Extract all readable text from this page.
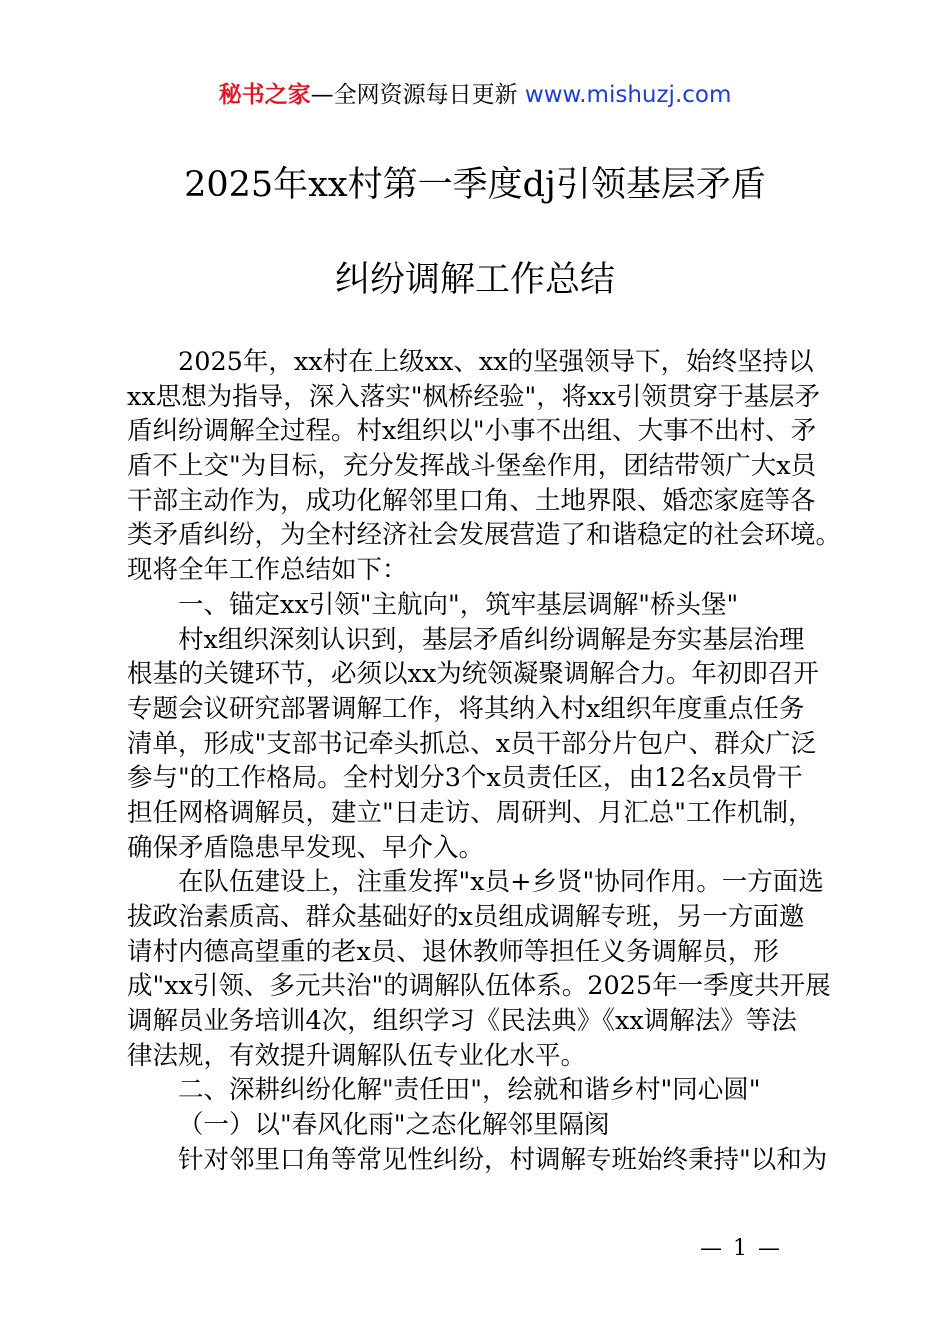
秘书之家—全网资源每日更新 www.mishuzj.com
2025年xx村第一季度dj引领基层矛盾
纠纷调解工作总结
2025年，xx村在上级xx、xx的坚强领导下，始终坚持以
xx思想为指导，深入落实"枫桥经验"，将xx引领贯穿于基层矛
盾纠纷调解全过程。村x组织以"小事不出组、大事不出村、矛
盾不上交"为目标，充分发挥战斗堡垒作用，团结带领广大x员
干部主动作为，成功化解邻里口角、土地界限、婚恋家庭等各
类矛盾纠纷，为全村经济社会发展营造了和谐稳定的社会环境。
现将全年工作总结如下：
一、锚定xx引领"主航向"，筑牢基层调解"桥头堡"
村x组织深刻认识到，基层矛盾纠纷调解是夯实基层治理
根基的关键环节，必须以xx为统领凝聚调解合力。年初即召开
专题会议研究部署调解工作，将其纳入村x组织年度重点任务
清单，形成"支部书记牵头抓总、x员干部分片包户、群众广泛
参与"的工作格局。全村划分3个x员责任区，由12名x员骨干
担任网格调解员，建立"日走访、周研判、月汇总"工作机制，
确保矛盾隐患早发现、早介入。
在队伍建设上，注重发挥"x员+乡贤"协同作用。一方面选
拔政治素质高、群众基础好的x员组成调解专班，另一方面邀
请村内德高望重的老x员、退休教师等担任义务调解员，形
成"xx引领、多元共治"的调解队伍体系。2025年一季度共开展
调解员业务培训4次，组织学习《民法典》《xx调解法》等法
律法规，有效提升调解队伍专业化水平。
二、深耕纠纷化解"责任田"，绘就和谐乡村"同心圆"
（一）以"春风化雨"之态化解邻里隔阂
针对邻里口角等常见性纠纷，村调解专班始终秉持"以和为
— 1 —
